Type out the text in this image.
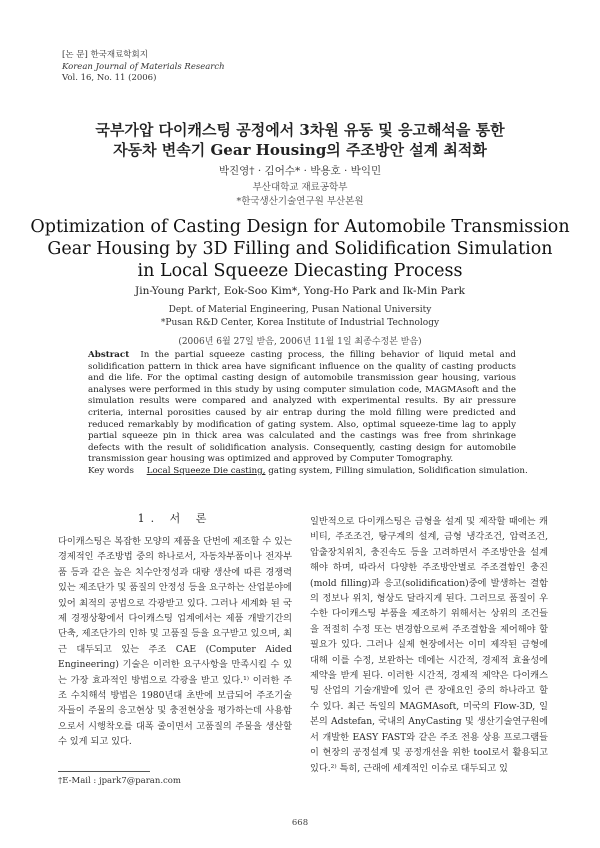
[논 문] 한국재료학회지
Korean Journal of Materials Research
Vol. 16, No. 11 (2006)
국부가압 다이캐스팅 공정에서 3차원 유동 및 응고해석을 통한
자동차 변속기 Gear Housing의 주조방안 설계 최적화
박진영† · 김어수* · 박용호 · 박익민
부산대학교 재료공학부
*한국생산기술연구원 부산본원
Optimization of Casting Design for Automobile Transmission
Gear Housing by 3D Filling and Solidification Simulation
in Local Squeeze Diecasting Process
Jin-Young Park†, Eok-Soo Kim*, Yong-Ho Park and Ik-Min Park
Dept. of Material Engineering, Pusan National University
*Pusan R&D Center, Korea Institute of Industrial Technology
(2006년 6월 27일 받음, 2006년 11월 1일 최종수정본 받음)
Abstract In the partial squeeze casting process, the filling behavior of liquid metal and solidification pattern in thick area have significant influence on the quality of casting products and die life. For the optimal casting design of automobile transmission gear housing, various analyses were performed in this study by using computer simulation code, MAGMAsoft and the simulation results were compared and analyzed with experimental results. By air pressure criteria, internal porosities caused by air entrap during the mold filling were predicted and reduced remarkably by modification of gating system. Also, optimal squeeze-time lag to apply partial squeeze pin in thick area was calculated and the castings was free from shrinkage defects with the result of solidification analysis. Consequently, casting design for automobile transmission gear housing was optimized and approved by Computer Tomography.
Key words Local Squeeze Die casting, gating system, Filling simulation, Solidification simulation.
1. 서 론
다이캐스팅은 복잡한 모양의 제품을 단번에 제조할 수 있는 경제적인 주조방법 중의 하나로서, 자동차부품이나 전자부품 등과 같은 높은 치수안정성과 대량 생산에 따른 경쟁력 있는 제조단가 및 품질의 안정성 등을 요구하는 산업분야에 있어 최적의 공법으로 각광받고 있다. 그러나 세계화 된 국제 경쟁상황에서 다이캐스팅 업계에서는 제품 개발기간의 단축, 제조단가의 인하 및 고품질 등을 요구받고 있으며, 최근 대두되고 있는 주조 CAE (Computer Aided Engineering) 기술은 이러한 요구사항을 만족시킬 수 있는 가장 효과적인 방법으로 각광을 받고 있다.¹⁾ 이러한 주조 수치해석 방법은 1980년대 초반에 보급되어 주조기술자들이 주물의 응고현상 및 충전현상을 평가하는데 사용함으로서 시행착오를 대폭 줄이면서 고품질의 주물을 생산할 수 있게 되고 있다.
일반적으로 다이캐스팅은 금형을 설계 및 제작할 때에는 캐비티, 주조조건, 탕구계의 설계, 금형 냉각조건, 압력조건, 압출장치위치, 충진속도 등을 고려하면서 주조방안을 설계해야 하며, 따라서 다양한 주조방안별로 주조결함인 충진(mold filling)과 응고(solidification)중에 발생하는 결함의 정보나 위치, 형상도 달라지게 된다. 그러므로 품질이 우수한 다이캐스팅 부품을 제조하기 위해서는 상위의 조건들을 적절히 수정 또는 변경함으로써 주조결함을 제어해야 할 필요가 있다. 그러나 실제 현장에서는 이미 제작된 금형에 대해 이를 수정, 보완하는 데에는 시간적, 경제적 효율성에 제약을 받게 된다. 이러한 시간적, 경제적 제약은 다이캐스팅 산업의 기술개발에 있어 큰 장애요인 중의 하나라고 할 수 있다. 최근 독일의 MAGMAsoft, 미국의 Flow-3D, 일본의 Adstefan, 국내의 AnyCasting 및 생산기술연구원에서 개발한 EASY FAST와 같은 주조 전용 상용 프로그램들이 현장의 공정설계 및 공정개선을 위한 tool로서 활용되고 있다.²⁾ 특히, 근래에 세계적인 이슈로 대두되고 있
†E-Mail : jpark7@paran.com
668
